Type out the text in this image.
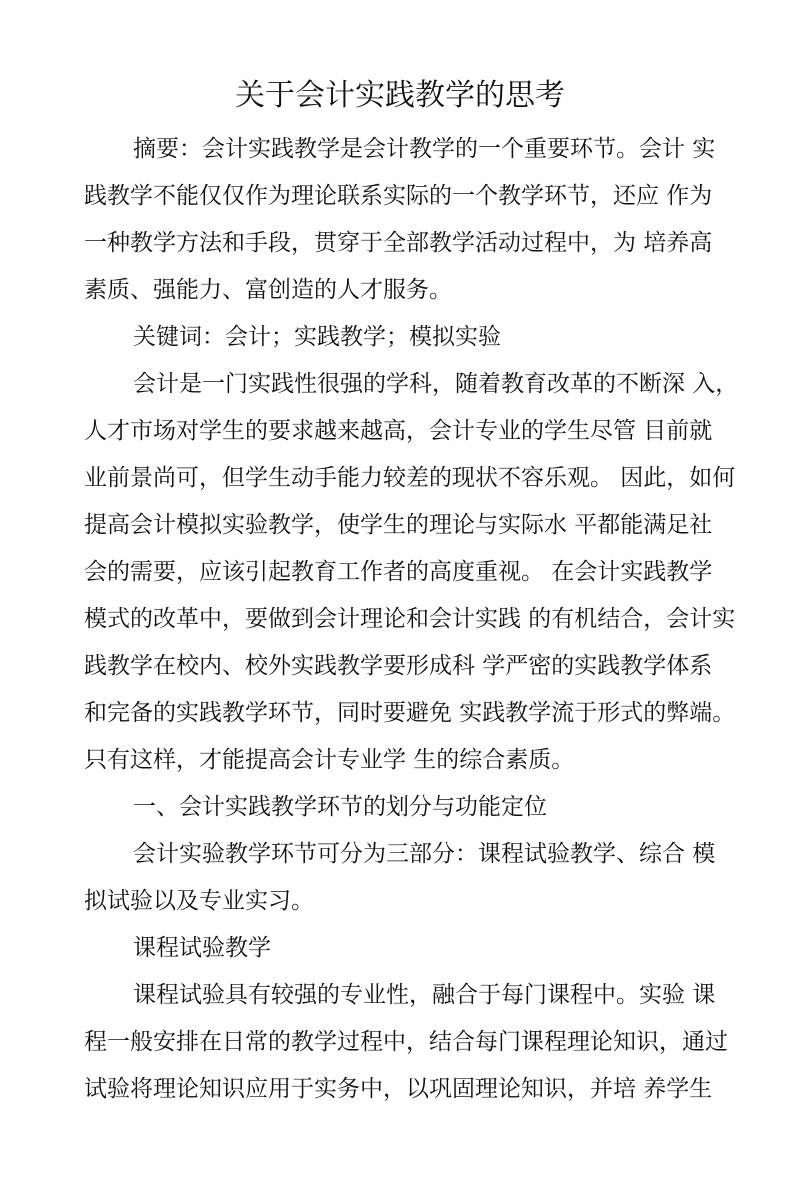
关于会计实践教学的思考
摘要：会计实践教学是会计教学的一个重要环节。会计 实
践教学不能仅仅作为理论联系实际的一个教学环节，还应 作为
一种教学方法和手段，贯穿于全部教学活动过程中，为 培养高
素质、强能力、富创造的人才服务。
关键词：会计；实践教学；模拟实验
会计是一门实践性很强的学科，随着教育改革的不断深 入，
人才市场对学生的要求越来越高，会计专业的学生尽管 目前就
业前景尚可，但学生动手能力较差的现状不容乐观。 因此，如何
提高会计模拟实验教学，使学生的理论与实际水 平都能满足社
会的需要，应该引起教育工作者的高度重视。 在会计实践教学
模式的改革中，要做到会计理论和会计实践 的有机结合，会计实
践教学在校内、校外实践教学要形成科 学严密的实践教学体系
和完备的实践教学环节，同时要避免 实践教学流于形式的弊端。
只有这样，才能提高会计专业学 生的综合素质。
一、会计实践教学环节的划分与功能定位
会计实验教学环节可分为三部分：课程试验教学、综合 模
拟试验以及专业实习。
课程试验教学
课程试验具有较强的专业性，融合于每门课程中。实验 课
程一般安排在日常的教学过程中，结合每门课程理论知识，通过
试验将理论知识应用于实务中，以巩固理论知识，并培 养学生
